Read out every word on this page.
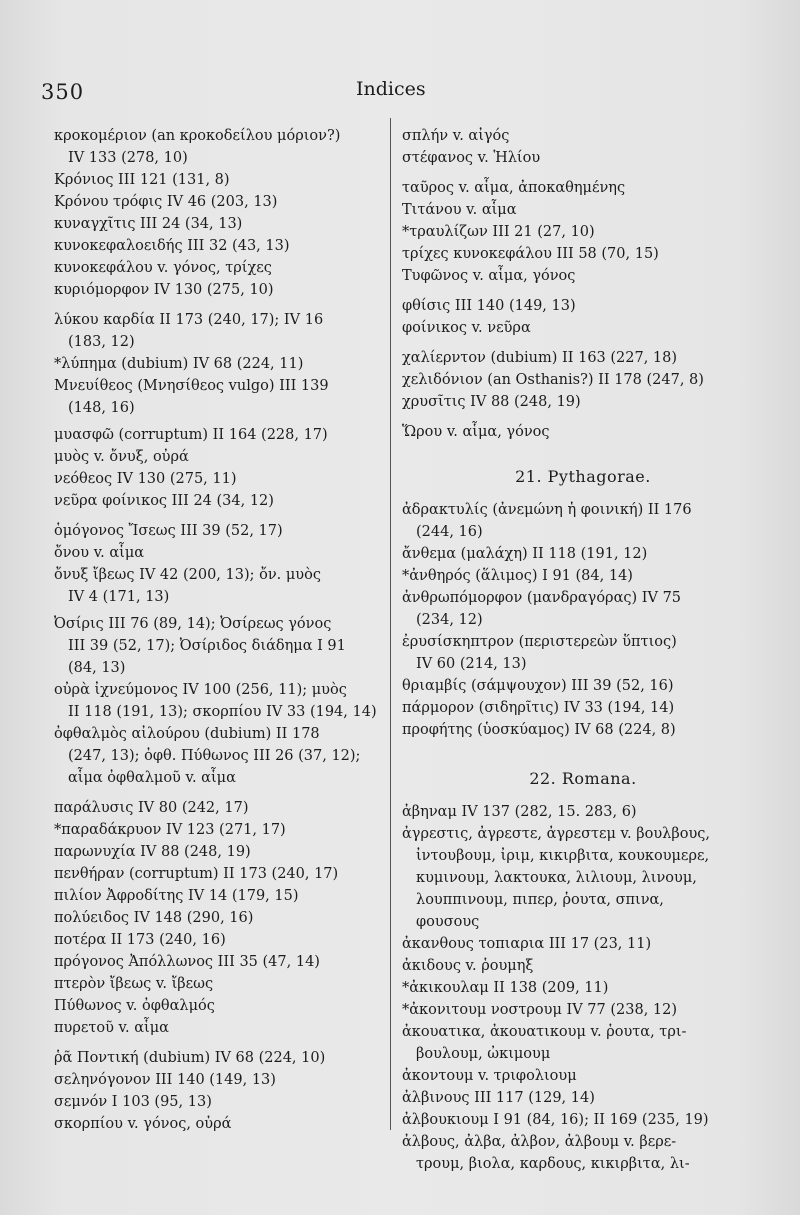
350	Indices
κροκομέριον (an κροκοδείλου μόριον?)
IV 133 (278, 10)
Κρόνιος III 121 (131, 8)
Κρόνου τρόφις IV 46 (203, 13)
κυναγχῖτις III 24 (34, 13)
κυνοκεφαλοειδής III 32 (43, 13)
κυνοκεφάλου v. γόνος, τρίχες
κυριόμορφον IV 130 (275, 10)
λύκου καρδία II 173 (240, 17); IV 16
(183, 12)
*λύπημα (dubium) IV 68 (224, 11)
Μνευίθεος (Μνησίθεος vulgo) III 139
(148, 16)
μυασφῶ (corruptum) II 164 (228, 17)
μυὸς v. ὄνυξ, οὐρά
νεόθεος IV 130 (275, 11)
νεῦρα φοίνικος III 24 (34, 12)
ὁμόγονος Ἴσεως III 39 (52, 17)
ὄνου v. αἷμα
ὄνυξ ἴβεως IV 42 (200, 13); ὄν. μυὸς
IV 4 (171, 13)
Ὀσίρις III 76 (89, 14); Ὀσίρεως γόνος
III 39 (52, 17); Ὀσίριδος διάδημα I 91
(84, 13)
οὐρὰ ἰχνεύμονος IV 100 (256, 11); μυὸς
II 118 (191, 13); σκορπίου IV 33 (194, 14)
ὀφθαλμὸς αἰλούρου (dubium) II 178
(247, 13); ὀφθ. Πύθωνος III 26 (37, 12);
αἷμα ὀφθαλμοῦ v. αἷμα
παράλυσις IV 80 (242, 17)
*παραδάκρυον IV 123 (271, 17)
παρωνυχία IV 88 (248, 19)
πενθήραν (corruptum) II 173 (240, 17)
πιλίον Ἀφροδίτης IV 14 (179, 15)
πολύειδος IV 148 (290, 16)
ποτέρα II 173 (240, 16)
πρόγονος Ἀπόλλωνος III 35 (47, 14)
πτερὸν ἴβεως v. ἴβεως
Πύθωνος v. ὀφθαλμός
πυρετοῦ v. αἷμα
ῥᾶ Ποντική (dubium) IV 68 (224, 10)
σεληνόγονον III 140 (149, 13)
σεμνόν I 103 (95, 13)
σκορπίου v. γόνος, οὐρά
σπλήν v. αἰγός
στέφανος v. Ἡλίου
ταῦρος v. αἷμα, ἀποκαθημένης
Τιτάνου v. αἷμα
*τραυλίζων III 21 (27, 10)
τρίχες κυνοκεφάλου III 58 (70, 15)
Τυφῶνος v. αἷμα, γόνος
φθίσις III 140 (149, 13)
φοίνικος v. νεῦρα
χαλίερντον (dubium) II 163 (227, 18)
χελιδόνιον (an Osthanis?) II 178 (247, 8)
χρυσῖτις IV 88 (248, 19)
Ὥρου v. αἷμα, γόνος
21. Pythagorae.
ἀδρακτυλίς (ἀνεμώνη ἡ φοινική) II 176
(244, 16)
ἄνθεμα (μαλάχη) II 118 (191, 12)
*ἀνθηρός (ἅλιμος) I 91 (84, 14)
ἀνθρωπόμορφον (μανδραγόρας) IV 75
(234, 12)
ἐρυσίσκηπτρον (περιστερεὼν ὕπτιος)
IV 60 (214, 13)
θριαμβίς (σάμψουχον) III 39 (52, 16)
πάρμορον (σιδηρῖτις) IV 33 (194, 14)
προφήτης (ὑοσκύαμος) IV 68 (224, 8)
22. Romana.
ἀβηναμ IV 137 (282, 15. 283, 6)
ἀγρεστις, ἀγρεστε, ἀγρεστεμ v. βουλβους,
ἰντουβουμ, ἰριμ, κικιρβιτα, κουκουμερε,
κυμινουμ, λακτουκα, λιλιουμ, λινουμ,
λουππινουμ, πιπερ, ῥουτα, σπινα,
φουσους
ἀκανθους τοπιαρια III 17 (23, 11)
ἀκιδους v. ῥουμηξ
*ἀκικουλαμ II 138 (209, 11)
*ἀκονιτουμ νοστρουμ IV 77 (238, 12)
ἀκουατικα, ἀκουατικουμ v. ῥουτα, τρι-
βουλουμ, ὠκιμουμ
ἀκοντουμ v. τριφολιουμ
ἀλβινους III 117 (129, 14)
ἀλβουκιουμ I 91 (84, 16); II 169 (235, 19)
ἀλβους, ἀλβα, ἀλβον, ἀλβουμ v. βερε-
τρουμ, βιολα, καρδους, κικιρβιτα, λι-
